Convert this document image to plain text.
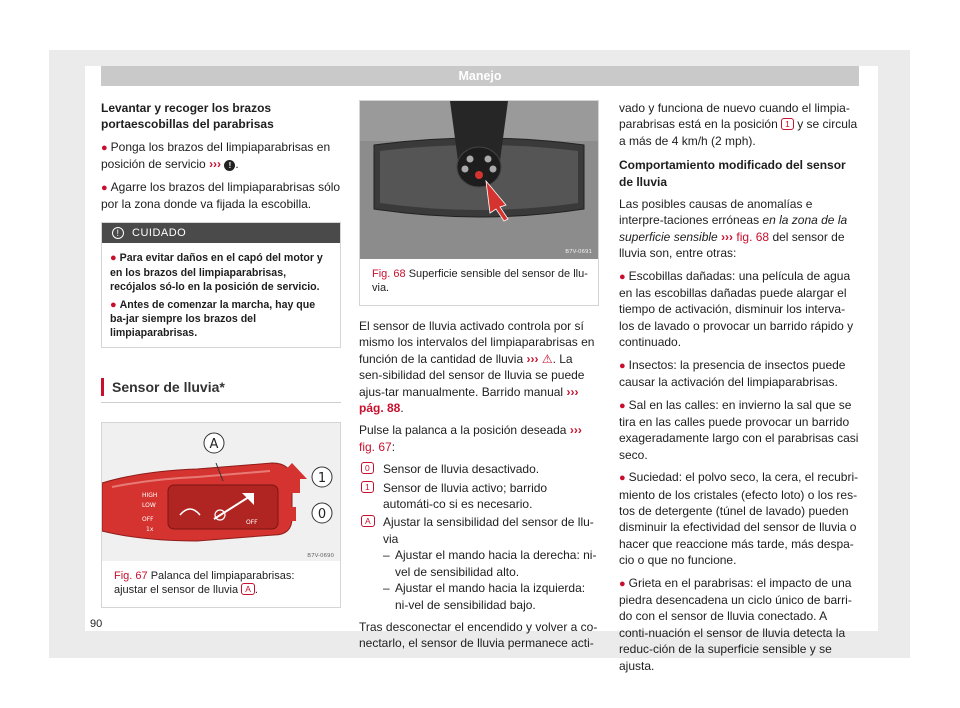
Manejo
Levantar y recoger los brazos portaescobillas del parabrisas
● Ponga los brazos del limpiaparabrisas en posición de servicio ››› ! .
● Agarre los brazos del limpiaparabrisas sólo por la zona donde va fijada la escobilla.
! CUIDADO
● Para evitar daños en el capó del motor y en los brazos del limpiaparabrisas, recójalos só-lo en la posición de servicio.
● Antes de comenzar la marcha, hay que ba-jar siempre los brazos del limpiaparabrisas.
Sensor de lluvia*
HIGH
LOW
OFF
1x
OFF
A
1
0
B7V-0690
Fig. 67 Palanca del limpiaparabrisas: ajustar el sensor de lluvia A .
B7V-0691
Fig. 68 Superficie sensible del sensor de llu-via.
El sensor de lluvia activado controla por sí mismo los intervalos del limpiaparabrisas en función de la cantidad de lluvia ››› ⚠. La sen-sibilidad del sensor de lluvia se puede ajus-tar manualmente. Barrido manual ››› pág. 88.
Pulse la palanca a la posición deseada ››› fig. 67:
0	Sensor de lluvia desactivado.
1	Sensor de lluvia activo; barrido automáti-co si es necesario.
A	Ajustar la sensibilidad del sensor de llu-via
– Ajustar el mando hacia la derecha: ni-vel de sensibilidad alto.
– Ajustar el mando hacia la izquierda: ni-vel de sensibilidad bajo.
Tras desconectar el encendido y volver a co-nectarlo, el sensor de lluvia permanece acti-
vado y funciona de nuevo cuando el limpia-parabrisas está en la posición 1 y se circula a más de 4 km/h (2 mph).
Comportamiento modificado del sensor de lluvia
Las posibles causas de anomalías e interpre-taciones erróneas en la zona de la superficie sensible ››› fig. 68 del sensor de lluvia son, entre otras:
● Escobillas dañadas: una película de agua en las escobillas dañadas puede alargar el tiempo de activación, disminuir los interva-los de lavado o provocar un barrido rápido y continuado.
● Insectos: la presencia de insectos puede causar la activación del limpiaparabrisas.
● Sal en las calles: en invierno la sal que se tira en las calles puede provocar un barrido exageradamente largo con el parabrisas casi seco.
● Suciedad: el polvo seco, la cera, el recubri-miento de los cristales (efecto loto) o los res-tos de detergente (túnel de lavado) pueden disminuir la efectividad del sensor de lluvia o hacer que reaccione más tarde, más despa-cio o que no funcione.
● Grieta en el parabrisas: el impacto de una piedra desencadena un ciclo único de barri-do con el sensor de lluvia conectado. A conti-nuación el sensor de lluvia detecta la reduc-ción de la superficie sensible y se ajusta.
90
